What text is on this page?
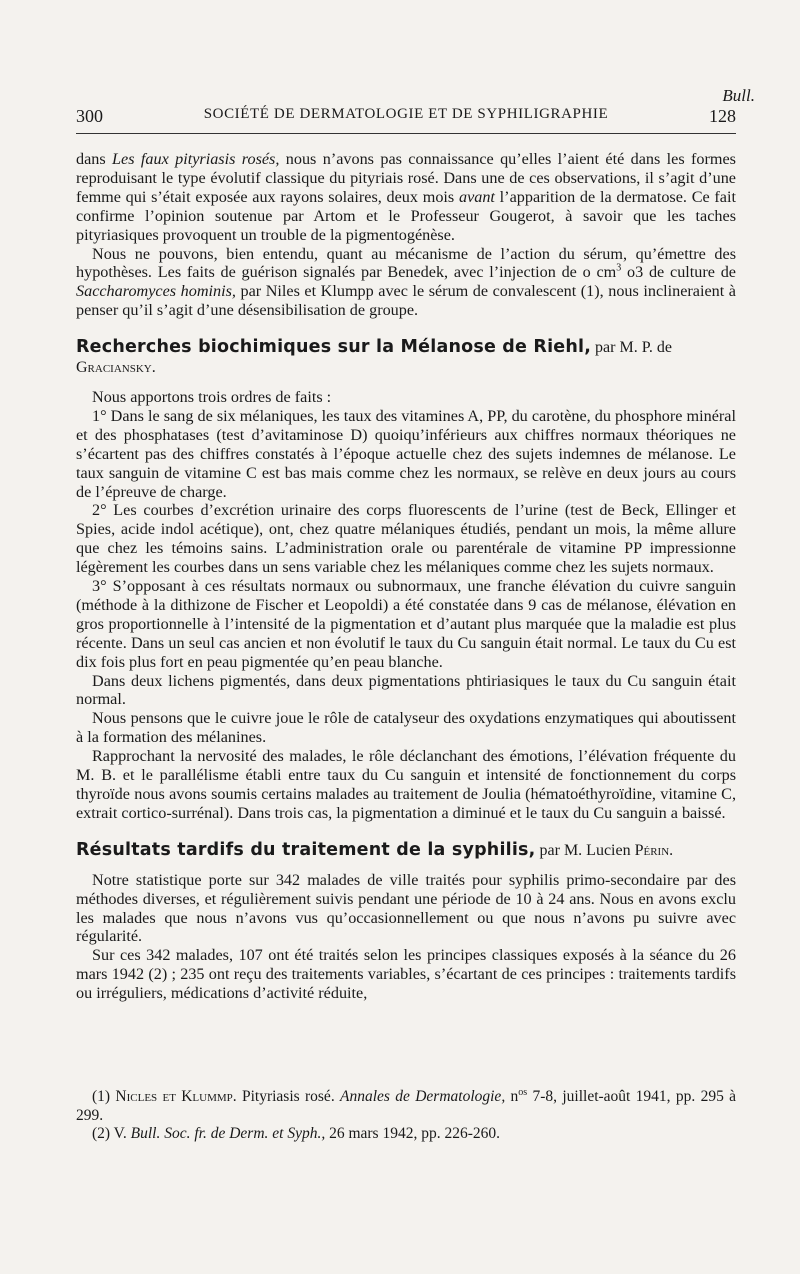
Bull.
300	SOCIÉTÉ DE DERMATOLOGIE ET DE SYPHILIGRAPHIE	128

dans Les faux pityriasis rosés, nous n’avons pas connaissance qu’elles l’aient été dans les formes reproduisant le type évolutif classique du pityriais rosé. Dans une de ces observations, il s’agit d’une femme qui s’était exposée aux rayons solaires, deux mois avant l’apparition de la dermatose. Ce fait confirme l’opinion soutenue par Artom et le Professeur Gougerot, à savoir que les taches pityriasiques provoquent un trouble de la pigmentogénèse.

Nous ne pouvons, bien entendu, quant au mécanisme de l’action du sérum, qu’émettre des hypothèses. Les faits de guérison signalés par Benedek, avec l’injection de o $cm^3$ o3 de culture de Saccharomyces hominis, par Niles et Klumpp avec le sérum de convalescent (1), nous inclineraient à penser qu’il s’agit d’une désensibilisation de groupe.

Recherches biochimiques sur la Mélanose de Riehl, par M. P. de Graciansky.

Nous apportons trois ordres de faits :

1° Dans le sang de six mélaniques, les taux des vitamines A, PP, du carotène, du phosphore minéral et des phosphatases (test d’avitaminose D) quoiqu’inférieurs aux chiffres normaux théoriques ne s’écartent pas des chiffres constatés à l’époque actuelle chez des sujets indemnes de mélanose. Le taux sanguin de vitamine C est bas mais comme chez les normaux, se relève en deux jours au cours de l’épreuve de charge.

2° Les courbes d’excrétion urinaire des corps fluorescents de l’urine (test de Beck, Ellinger et Spies, acide indol acétique), ont, chez quatre mélaniques étudiés, pendant un mois, la même allure que chez les témoins sains. L’administration orale ou parentérale de vitamine PP impressionne légèrement les courbes dans un sens variable chez les mélaniques comme chez les sujets normaux.

3° S’opposant à ces résultats normaux ou subnormaux, une franche élévation du cuivre sanguin (méthode à la dithizone de Fischer et Leopoldi) a été constatée dans 9 cas de mélanose, élévation en gros proportionnelle à l’intensité de la pigmentation et d’autant plus marquée que la maladie est plus récente. Dans un seul cas ancien et non évolutif le taux du Cu sanguin était normal. Le taux du Cu est dix fois plus fort en peau pigmentée qu’en peau blanche.

Dans deux lichens pigmentés, dans deux pigmentations phtiriasiques le taux du Cu sanguin était normal.

Nous pensons que le cuivre joue le rôle de catalyseur des oxydations enzymatiques qui aboutissent à la formation des mélanines.

Rapprochant la nervosité des malades, le rôle déclanchant des émotions, l’élévation fréquente du M. B. et le parallélisme établi entre taux du Cu sanguin et intensité de fonctionnement du corps thyroïde nous avons soumis certains malades au traitement de Joulia (hématoéthyroïdine, vitamine C, extrait cortico-surrénal). Dans trois cas, la pigmentation a diminué et le taux du Cu sanguin a baissé.

Résultats tardifs du traitement de la syphilis, par M. Lucien Périn.

Notre statistique porte sur 342 malades de ville traités pour syphilis primo-secondaire par des méthodes diverses, et régulièrement suivis pendant une période de 10 à 24 ans. Nous en avons exclu les malades que nous n’avons vus qu’occasionnellement ou que nous n’avons pu suivre avec régularité.

Sur ces 342 malades, 107 ont été traités selon les principes classiques exposés à la séance du 26 mars 1942 (2) ; 235 ont reçu des traitements variables, s’écartant de ces principes : traitements tardifs ou irréguliers, médications d’activité réduite,

(1) Nicles et Klummp. Pityriasis rosé. Annales de Dermatologie, $n^{os}$ 7-8, juillet-août 1941, pp. 295 à 299.

(2) V. Bull. Soc. fr. de Derm. et Syph., 26 mars 1942, pp. 226-260.
